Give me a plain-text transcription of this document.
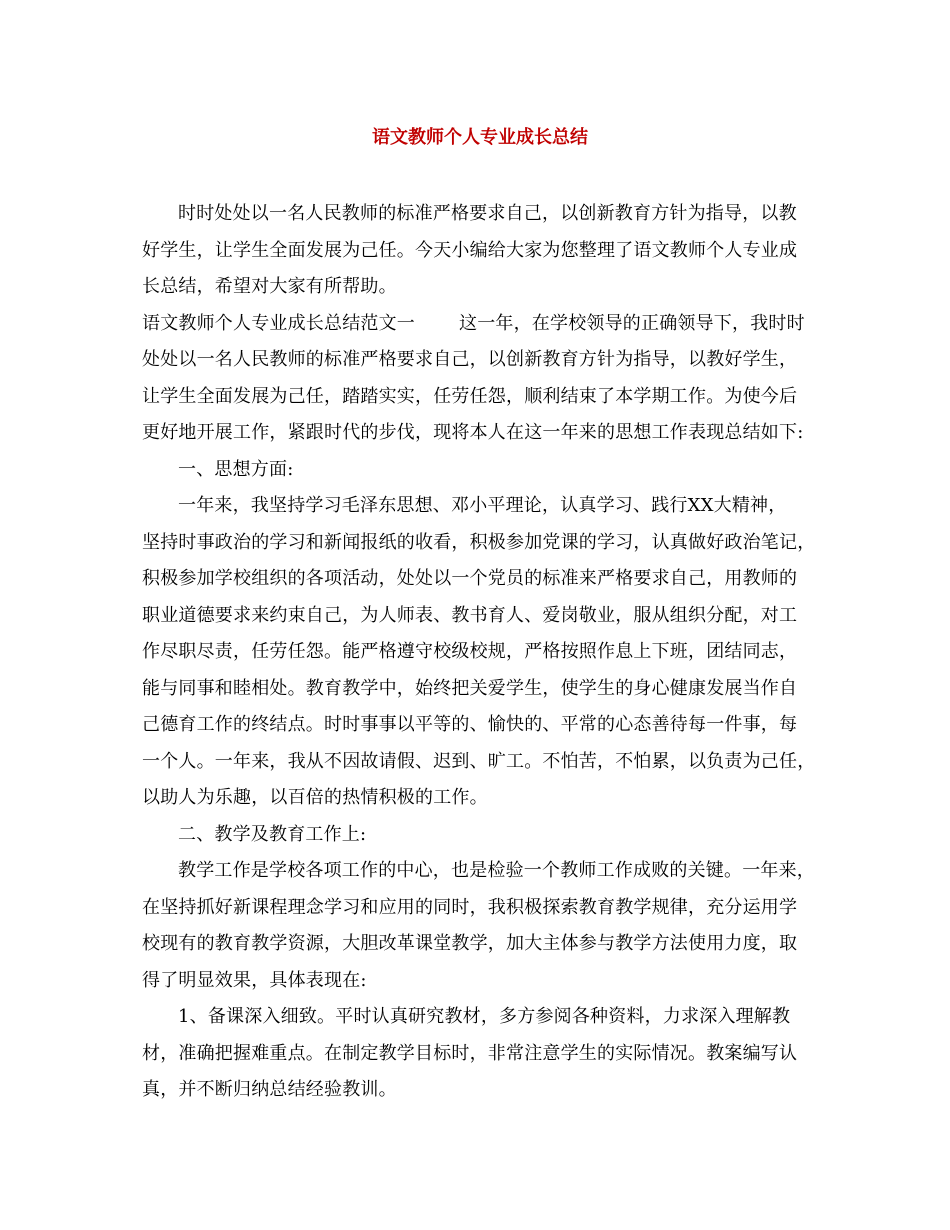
语文教师个人专业成长总结

时时处处以一名人民教师的标准严格要求自己，以创新教育方针为指导，以教

好学生，让学生全面发展为己任。今天小编给大家为您整理了语文教师个人专业成

长总结，希望对大家有所帮助。

语文教师个人专业成长总结范文一 这一年，在学校领导的正确领导下，我时时

处处以一名人民教师的标准严格要求自己，以创新教育方针为指导，以教好学生，

让学生全面发展为己任，踏踏实实，任劳任怨，顺利结束了本学期工作。为使今后

更好地开展工作，紧跟时代的步伐，现将本人在这一年来的思想工作表现总结如下:

一、思想方面:

一年来，我坚持学习毛泽东思想、邓小平理论，认真学习、践行XX大精神，

坚持时事政治的学习和新闻报纸的收看，积极参加党课的学习，认真做好政治笔记，

积极参加学校组织的各项活动，处处以一个党员的标准来严格要求自己，用教师的

职业道德要求来约束自己，为人师表、教书育人、爱岗敬业，服从组织分配，对工

作尽职尽责，任劳任怨。能严格遵守校级校规，严格按照作息上下班，团结同志，

能与同事和睦相处。教育教学中，始终把关爱学生，使学生的身心健康发展当作自

己德育工作的终结点。时时事事以平等的、愉快的、平常的心态善待每一件事，每

一个人。一年来，我从不因故请假、迟到、旷工。不怕苦，不怕累，以负责为己任，

以助人为乐趣，以百倍的热情积极的工作。

二、教学及教育工作上:

教学工作是学校各项工作的中心，也是检验一个教师工作成败的关键。一年来，

在坚持抓好新课程理念学习和应用的同时，我积极探索教育教学规律，充分运用学

校现有的教育教学资源，大胆改革课堂教学，加大主体参与教学方法使用力度，取

得了明显效果，具体表现在:

1、备课深入细致。平时认真研究教材，多方参阅各种资料，力求深入理解教

材，准确把握难重点。在制定教学目标时，非常注意学生的实际情况。教案编写认

真，并不断归纳总结经验教训。
